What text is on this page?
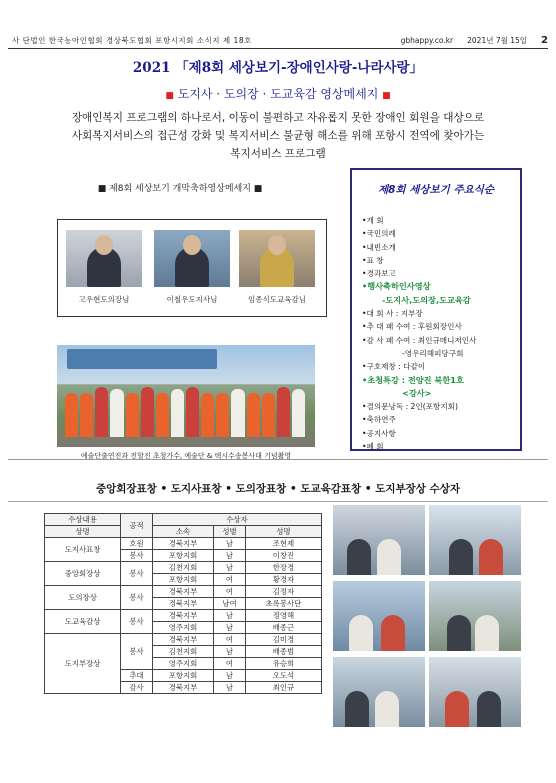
사 단법인 한국농아인협회 경상북도협회 포항시지회 소식지 제 18호	gbhappy.co.kr 2021년 7월 15일 2
2021 「제8회 세상보기-장애인사랑-나라사랑」
■ 도지사 · 도의장 · 도교육감 영상메세지 ■
장애인복지 프로그램의 하나로서, 이동이 불편하고 자유롭지 못한 장애인 회원을 대상으로
사회복지서비스의 접근성 강화 및 복지서비스 불균형 해소를 위해 포항시 전역에 찾아가는
복지서비스 프로그램
■ 제8회 세상보기 개막축하영상메세지 ■
고우현도의장님	이철우도지사님	임종식도교육감님
예술단출연진과 전할진 초청가수, 예술단 & 택시수송봉사대 기념촬영
제8회 세상보기 주요식순
•개 회
•국민의례
•내빈소개
•표 창
•경과보고
•행사축하인사영상
-도지사,도의장,도교육감
•대 회 사 : 지부장
•추 대 패 수여 : 후원회장인사
•감 사 패 수여 : 최인규매니저인사
-영우리해피당구회
•구호제창 : 다같이
•초청특강 : 전양진 북한1호
<강사>
•결의문낭독 : 2인(포항지회)
•축하연주
•공지사항
•폐 회
중앙회장표창 • 도지사표창 • 도의장표창 • 도교육감표창 • 도지부장상 수상자
수상내용	공적	수상자		
상명		소속	성별	성명
도지사표창	호원	경북지부	남	조현제
	봉사	포항지회	남	이창진
중앙회장상	봉사	김천지회	남	한장경
		포항지회	여	황경자
도의장상	봉사	경북지부	여	김정자
		경북지부	남여	초록봉사단
도교육감상	봉사	경북지부	남	정영해
		영주지회	남	배종근
도지부장상	봉사	경북지부	여	김미경
		김천지회	남	배종범
		영주지회	여	유승희
	추대	포항지회	남	오도석
	감사	경북지부	남	최인규
